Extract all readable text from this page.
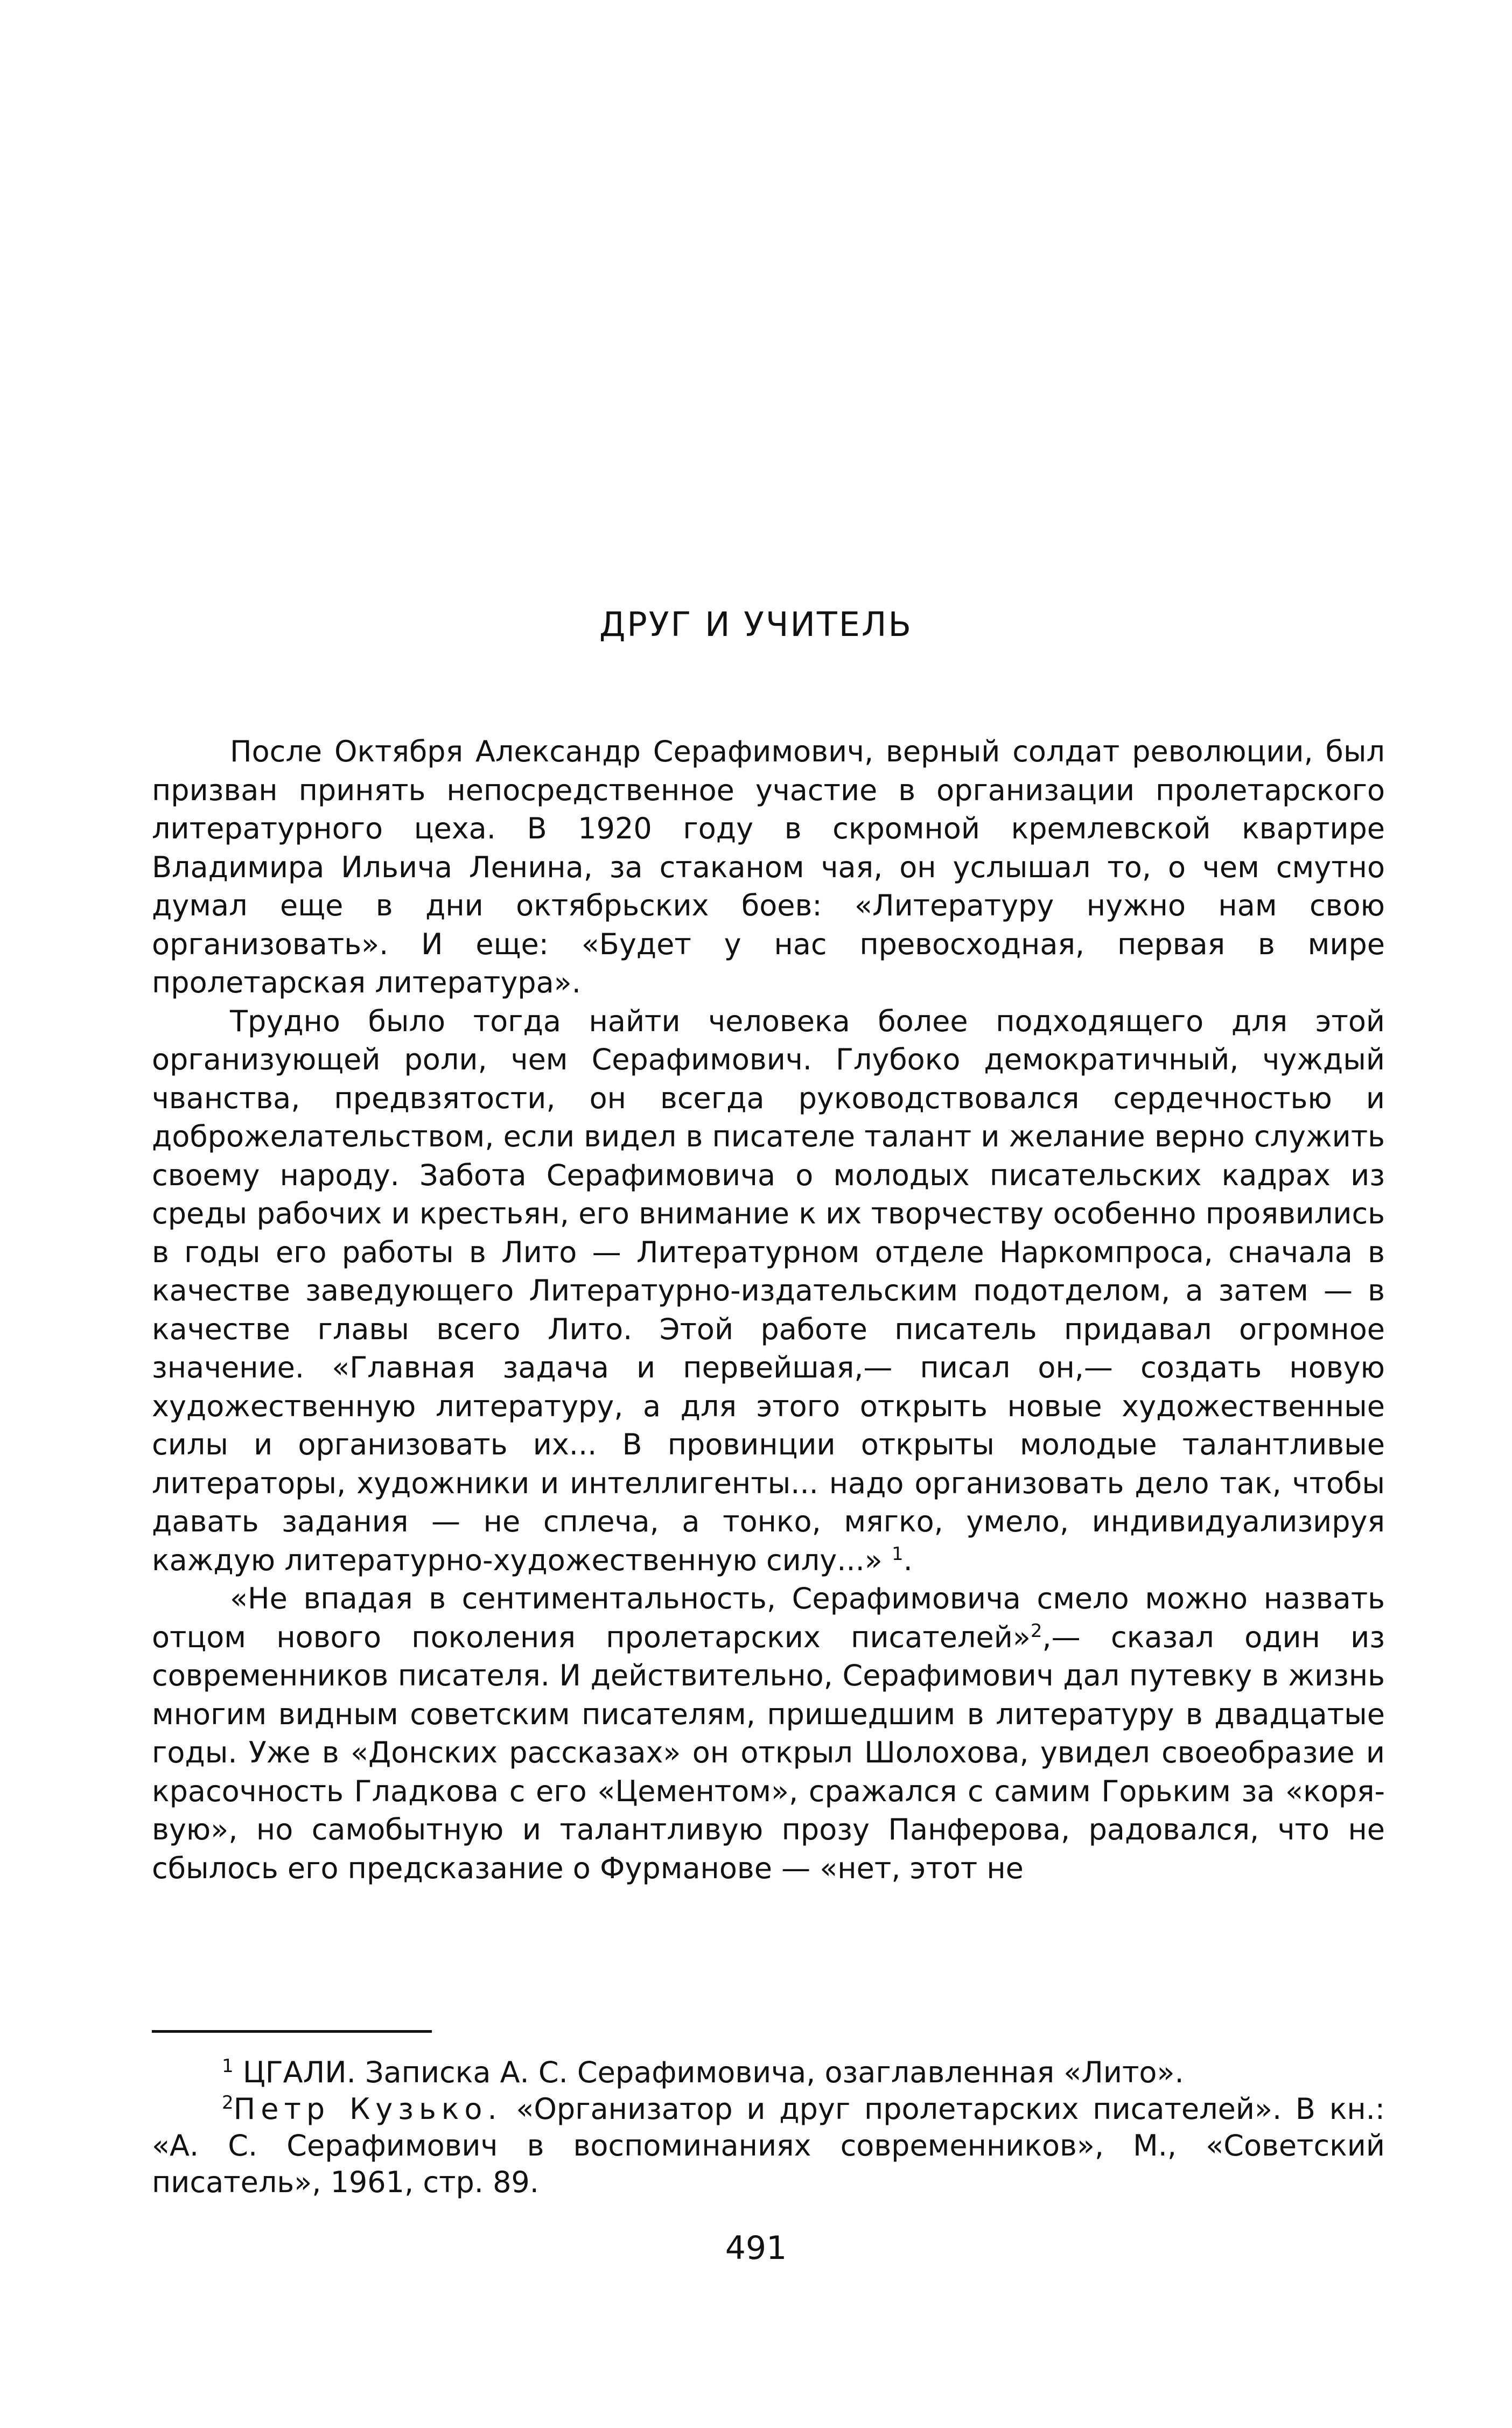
ДРУГ И УЧИТЕЛЬ

После Октября Александр Серафимович, верный солдат революции, был призван принять непосредственное участие в организации пролетарского литературного цеха. В 1920 году в скромной кремлевской квартире Владимира Ильича Ленина, за стаканом чая, он услышал то, о чем смутно думал еще в дни октябрьских боев: «Литературу нужно нам свою организовать». И еще: «Будет у нас превосходная, первая в мире пролетарская литература».

Трудно было тогда найти человека более подходящего для этой организующей роли, чем Серафимович. Глубоко демократичный, чуждый чванства, предвзятости, он всегда руководствовался сердечностью и доброжелательством, если видел в писателе талант и желание верно служить своему народу. Забота Серафимовича о молодых писательских кадрах из среды рабочих и крестьян, его внимание к их творчеству особенно проявились в годы его работы в Лито — Литературном отделе Наркомпроса, сначала в качестве заведующего Литературно-издательским подотделом, а затем — в качестве главы всего Лито. Этой работе писатель придавал огромное значение. «Главная задача и первейшая,— писал он,— создать новую художественную литературу, а для этого открыть новые художественные силы и организовать их... В провинции открыты молодые талантливые литераторы, художники и интеллигенты... надо организовать дело так, чтобы давать задания — не сплеча, а тонко, мягко, умело, индивидуализируя каждую литературно-художественную силу...» $^1$.

«Не впадая в сентиментальность, Серафимовича смело можно назвать отцом нового поколения пролетарских писателей»$^2$,— сказал один из современников писателя. И действительно, Серафимович дал путевку в жизнь многим видным советским писателям, пришедшим в литературу в двадцатые годы. Уже в «Донских рассказах» он открыл Шолохова, увидел своеобразие и красочность Гладкова с его «Цементом», сражался с самим Горьким за «корявую», но самобытную и талантливую прозу Панферова, радовался, что не сбылось его предсказание о Фурманове — «нет, этот не

$^1$ ЦГАЛИ. Записка А. С. Серафимовича, озаглавленная «Лито».

$^2$Петр Кузько. «Организатор и друг пролетарских писателей». В кн.: «А. С. Серафимович в воспоминаниях современников», М., «Советский писатель», 1961, стр. 89.

491
